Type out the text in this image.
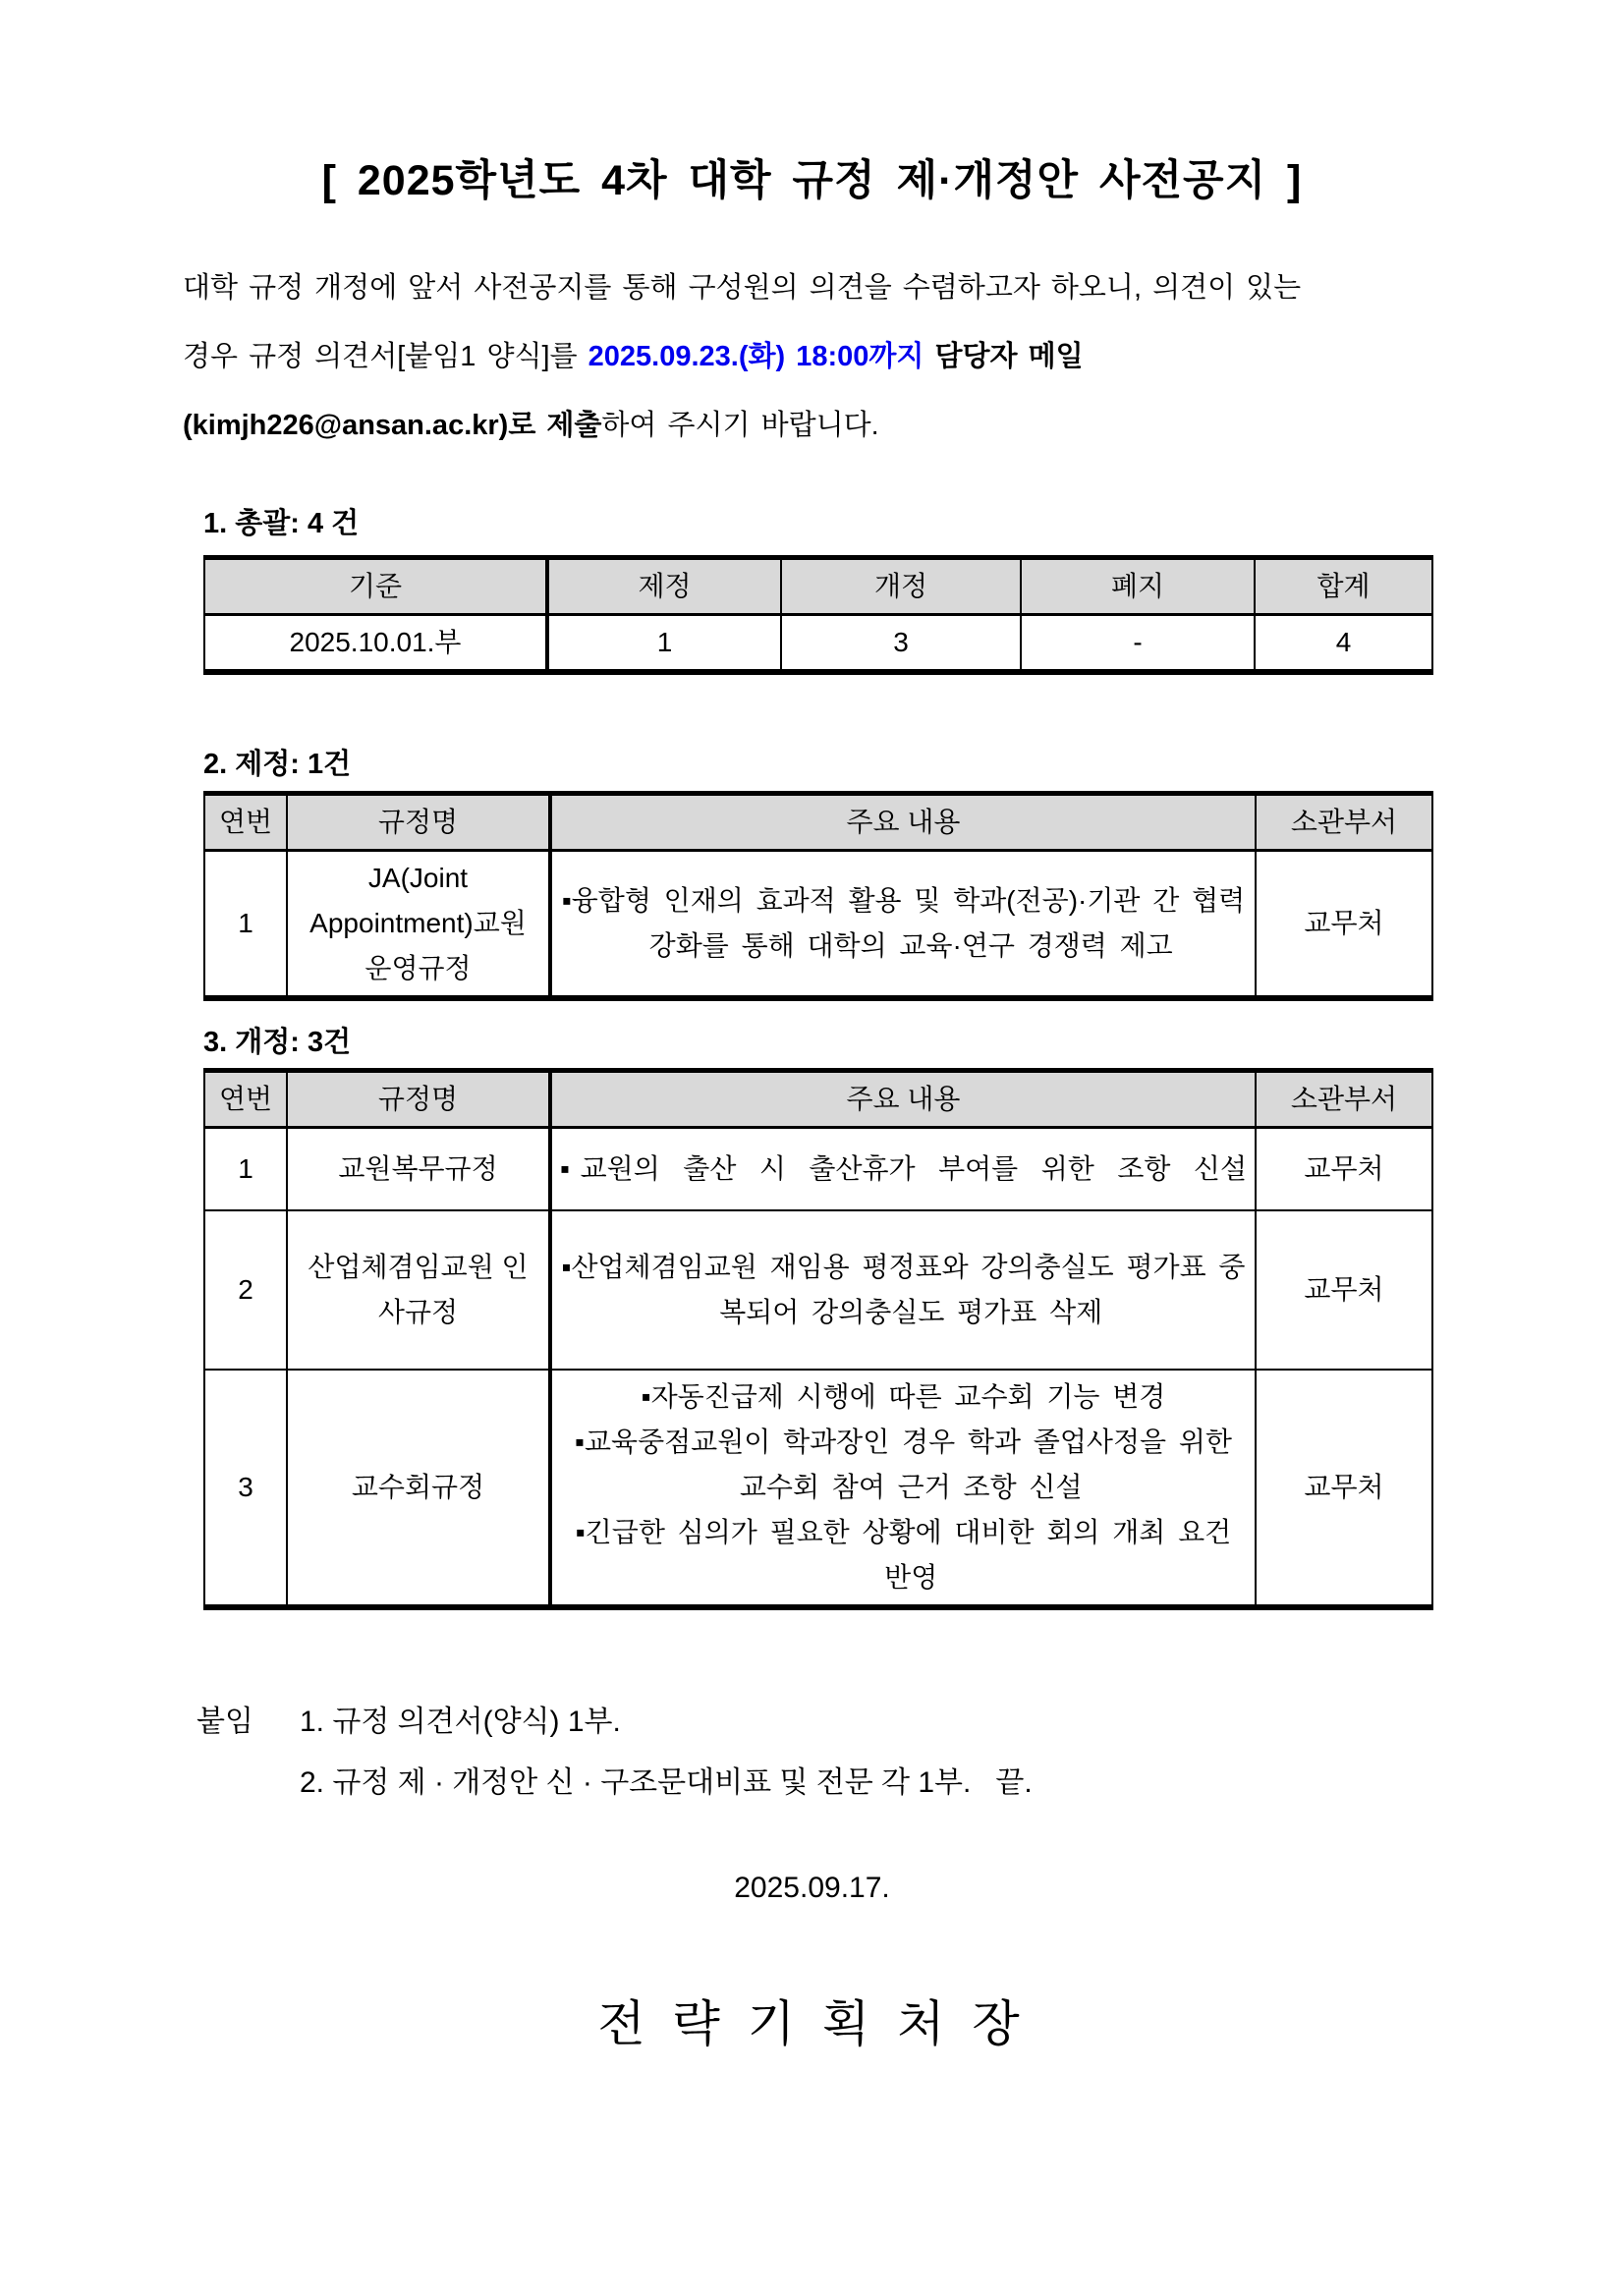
[ 2025학년도 4차 대학 규정 제·개정안 사전공지 ]
대학 규정 개정에 앞서 사전공지를 통해 구성원의 의견을 수렴하고자 하오니, 의견이 있는
경우 규정 의견서[붙임1 양식]를 2025.09.23.(화) 18:00까지 담당자 메일
(kimjh226@ansan.ac.kr)로 제출하여 주시기 바랍니다.
1. 총괄: 4 건
기준	제정	개정	폐지	합계
2025.10.01.부	1	3	-	4
2. 제정: 1건
연번	규정명	주요 내용	소관부서
1	JA(Joint Appointment)교원 운영규정	▪융합형 인재의 효과적 활용 및 학과(전공)·기관 간 협력 강화를 통해 대학의 교육·연구 경쟁력 제고	교무처
3. 개정: 3건
연번	규정명	주요 내용	소관부서
1	교원복무규정	▪교원의 출산 시 출산휴가 부여를 위한 조항 신설	교무처
2	산업체겸임교원 인사규정	▪산업체겸임교원 재임용 평정표와 강의충실도 평가표 중복되어 강의충실도 평가표 삭제	교무처
3	교수회규정	▪자동진급제 시행에 따른 교수회 기능 변경
▪교육중점교원이 학과장인 경우 학과 졸업사정을 위한 교수회 참여 근거 조항 신설
▪긴급한 심의가 필요한 상황에 대비한 회의 개최 요건 반영	교무처
붙임	1. 규정 의견서(양식) 1부.
2. 규정 제 · 개정안 신 · 구조문대비표 및 전문 각 1부.   끝.
2025.09.17.
전 략 기 획 처 장
